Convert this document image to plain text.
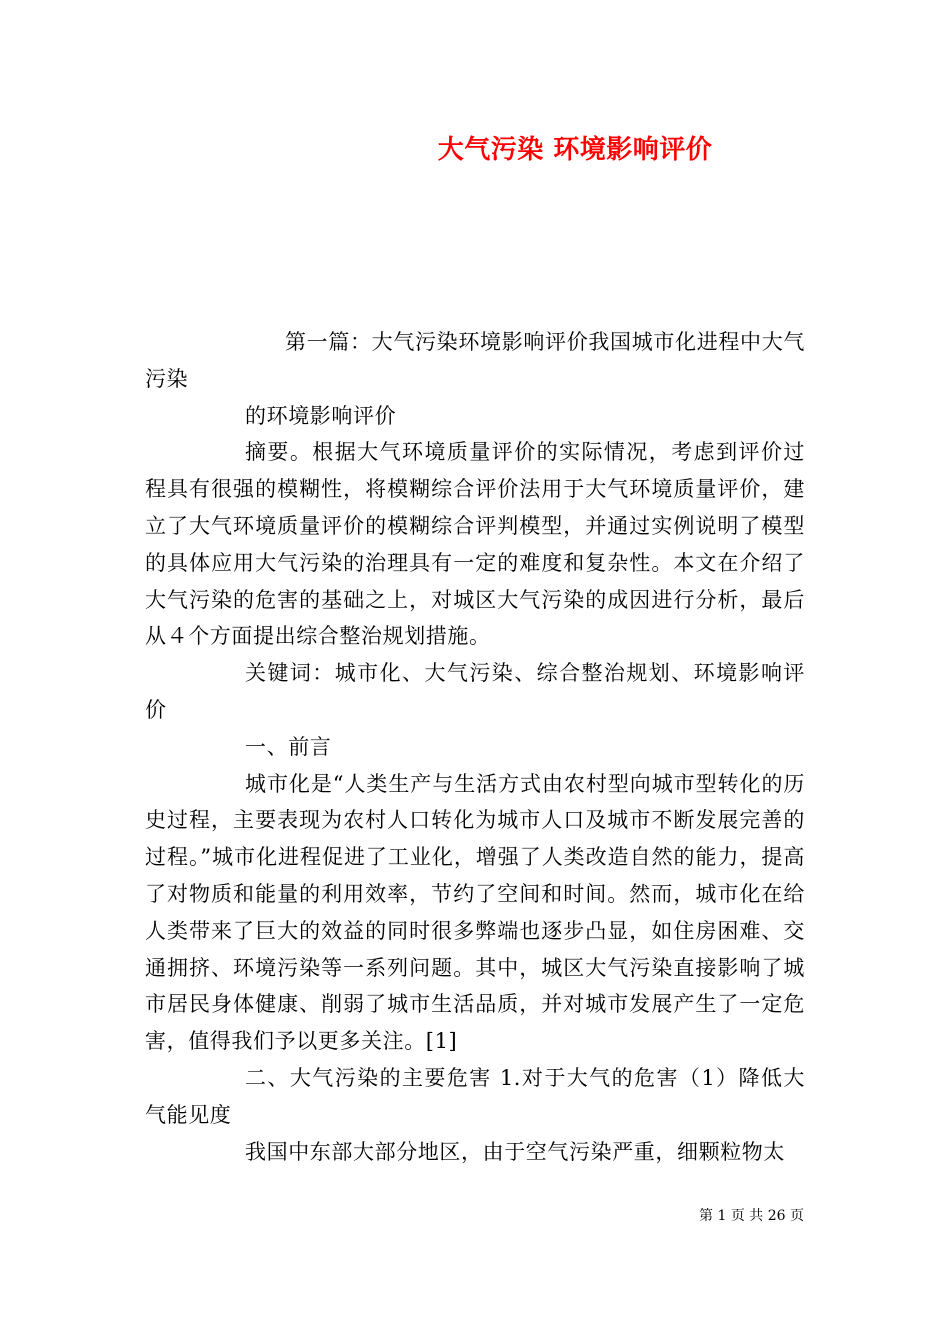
大气污染 环境影响评价

第一篇：大气污染环境影响评价我国城市化进程中大气污染

的环境影响评价

摘要。根据大气环境质量评价的实际情况，考虑到评价过程具有很强的模糊性，将模糊综合评价法用于大气环境质量评价，建立了大气环境质量评价的模糊综合评判模型，并通过实例说明了模型的具体应用大气污染的治理具有一定的难度和复杂性。本文在介绍了大气污染的危害的基础之上，对城区大气污染的成因进行分析，最后从４个方面提出综合整治规划措施。

关键词：城市化、大气污染、综合整治规划、环境影响评价

一、前言

城市化是“人类生产与生活方式由农村型向城市型转化的历史过程，主要表现为农村人口转化为城市人口及城市不断发展完善的过程。”城市化进程促进了工业化，增强了人类改造自然的能力，提高了对物质和能量的利用效率，节约了空间和时间。然而，城市化在给人类带来了巨大的效益的同时很多弊端也逐步凸显，如住房困难、交通拥挤、环境污染等一系列问题。其中，城区大气污染直接影响了城市居民身体健康、削弱了城市生活品质，并对城市发展产生了一定危害，值得我们予以更多关注。[1]

二、大气污染的主要危害 1.对于大气的危害（1）降低大气能见度

我国中东部大部分地区，由于空气污染严重，细颗粒物太

第 1 页 共 26 页
